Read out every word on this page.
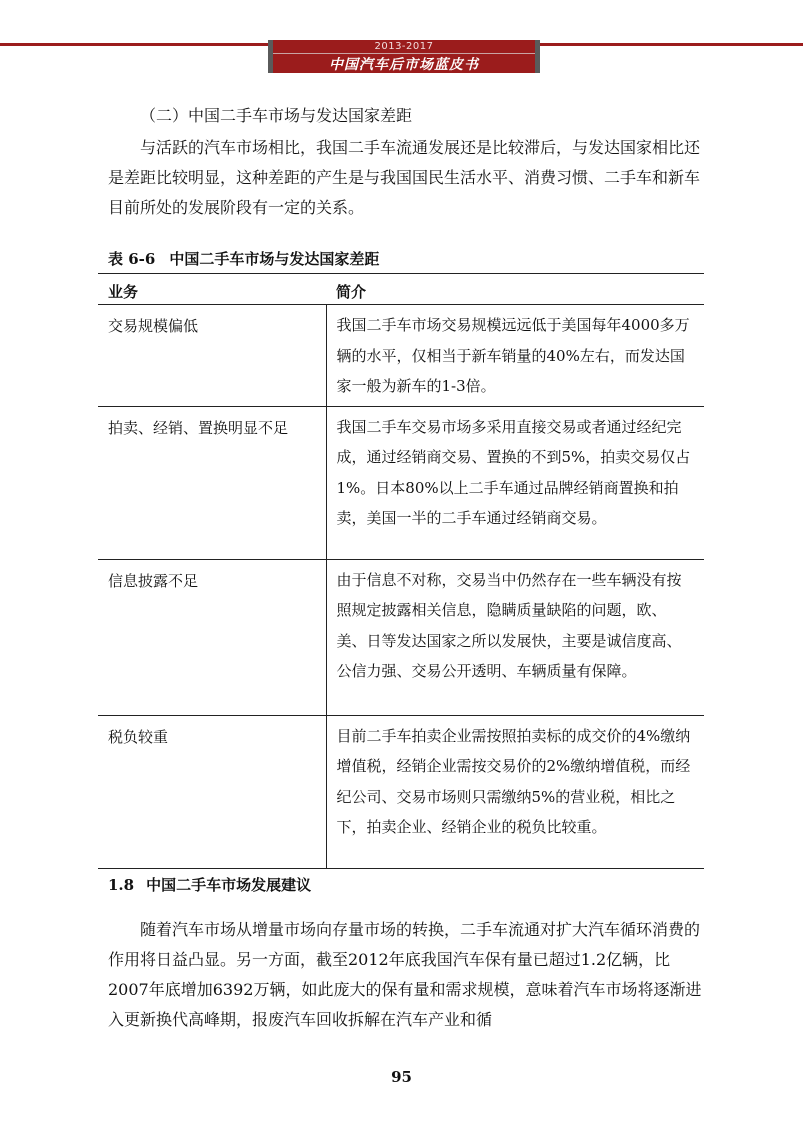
2013-2017
中国汽车后市场蓝皮书
（二）中国二手车市场与发达国家差距
与活跃的汽车市场相比，我国二手车流通发展还是比较滞后，与发达国家相比还是差距比较明显，这种差距的产生是与我国国民生活水平、消费习惯、二手车和新车目前所处的发展阶段有一定的关系。
表 6-6 中国二手车市场与发达国家差距
业务	简介
交易规模偏低	我国二手车市场交易规模远远低于美国每年4000多万辆的水平，仅相当于新车销量的40%左右，而发达国家一般为新车的1-3倍。
拍卖、经销、置换明显不足	我国二手车交易市场多采用直接交易或者通过经纪完成，通过经销商交易、置换的不到5%，拍卖交易仅占1%。日本80%以上二手车通过品牌经销商置换和拍卖，美国一半的二手车通过经销商交易。
信息披露不足	由于信息不对称，交易当中仍然存在一些车辆没有按照规定披露相关信息，隐瞒质量缺陷的问题，欧、美、日等发达国家之所以发展快，主要是诚信度高、公信力强、交易公开透明、车辆质量有保障。
税负较重	目前二手车拍卖企业需按照拍卖标的成交价的4%缴纳增值税，经销企业需按交易价的2%缴纳增值税，而经纪公司、交易市场则只需缴纳5%的营业税，相比之下，拍卖企业、经销企业的税负比较重。
1.8 中国二手车市场发展建议
随着汽车市场从增量市场向存量市场的转换，二手车流通对扩大汽车循环消费的作用将日益凸显。另一方面，截至2012年底我国汽车保有量已超过1.2亿辆，比2007年底增加6392万辆，如此庞大的保有量和需求规模，意味着汽车市场将逐渐进入更新换代高峰期，报废汽车回收拆解在汽车产业和循
95
